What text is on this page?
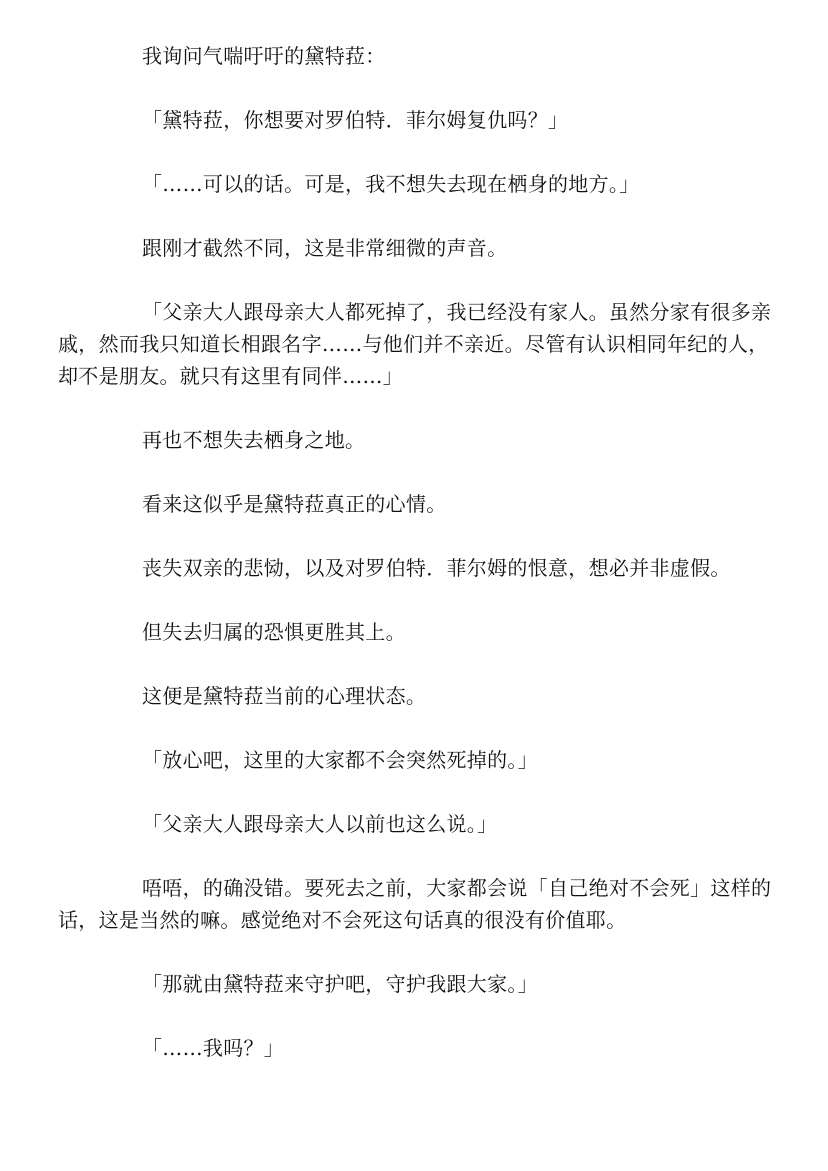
我询问气喘吁吁的黛特菈：

「黛特菈，你想要对罗伯特．菲尔姆复仇吗？」

「……可以的话。可是，我不想失去现在栖身的地方。」

跟刚才截然不同，这是非常细微的声音。

「父亲大人跟母亲大人都死掉了，我已经没有家人。虽然分家有很多亲戚，然而我只知道长相跟名字……与他们并不亲近。尽管有认识相同年纪的人，却不是朋友。就只有这里有同伴……」

再也不想失去栖身之地。

看来这似乎是黛特菈真正的心情。

丧失双亲的悲恸，以及对罗伯特．菲尔姆的恨意，想必并非虚假。

但失去归属的恐惧更胜其上。

这便是黛特菈当前的心理状态。

「放心吧，这里的大家都不会突然死掉的。」

「父亲大人跟母亲大人以前也这么说。」

唔唔，的确没错。要死去之前，大家都会说「自己绝对不会死」这样的话，这是当然的嘛。感觉绝对不会死这句话真的很没有价值耶。

「那就由黛特菈来守护吧，守护我跟大家。」

「……我吗？」
